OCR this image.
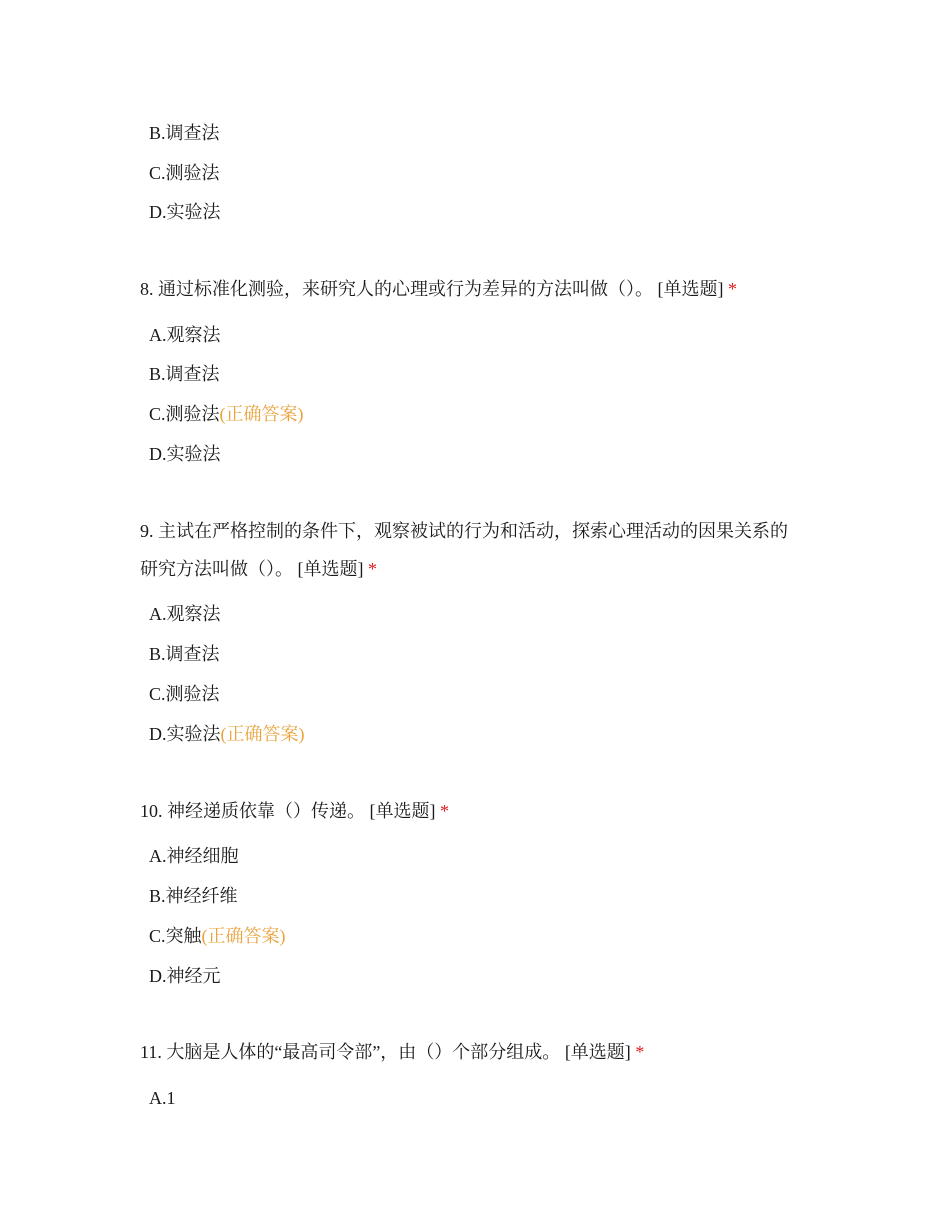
B.调查法
C.测验法
D.实验法
8. 通过标准化测验，来研究人的心理或行为差异的方法叫做（）。 [单选题] *
A.观察法
B.调查法
C.测验法(正确答案)
D.实验法
9. 主试在严格控制的条件下，观察被试的行为和活动，探索心理活动的因果关系的
研究方法叫做（）。 [单选题] *
A.观察法
B.调查法
C.测验法
D.实验法(正确答案)
10. 神经递质依靠（）传递。 [单选题] *
A.神经细胞
B.神经纤维
C.突触(正确答案)
D.神经元
11. 大脑是人体的“最高司令部”，由（）个部分组成。 [单选题] *
A.1
